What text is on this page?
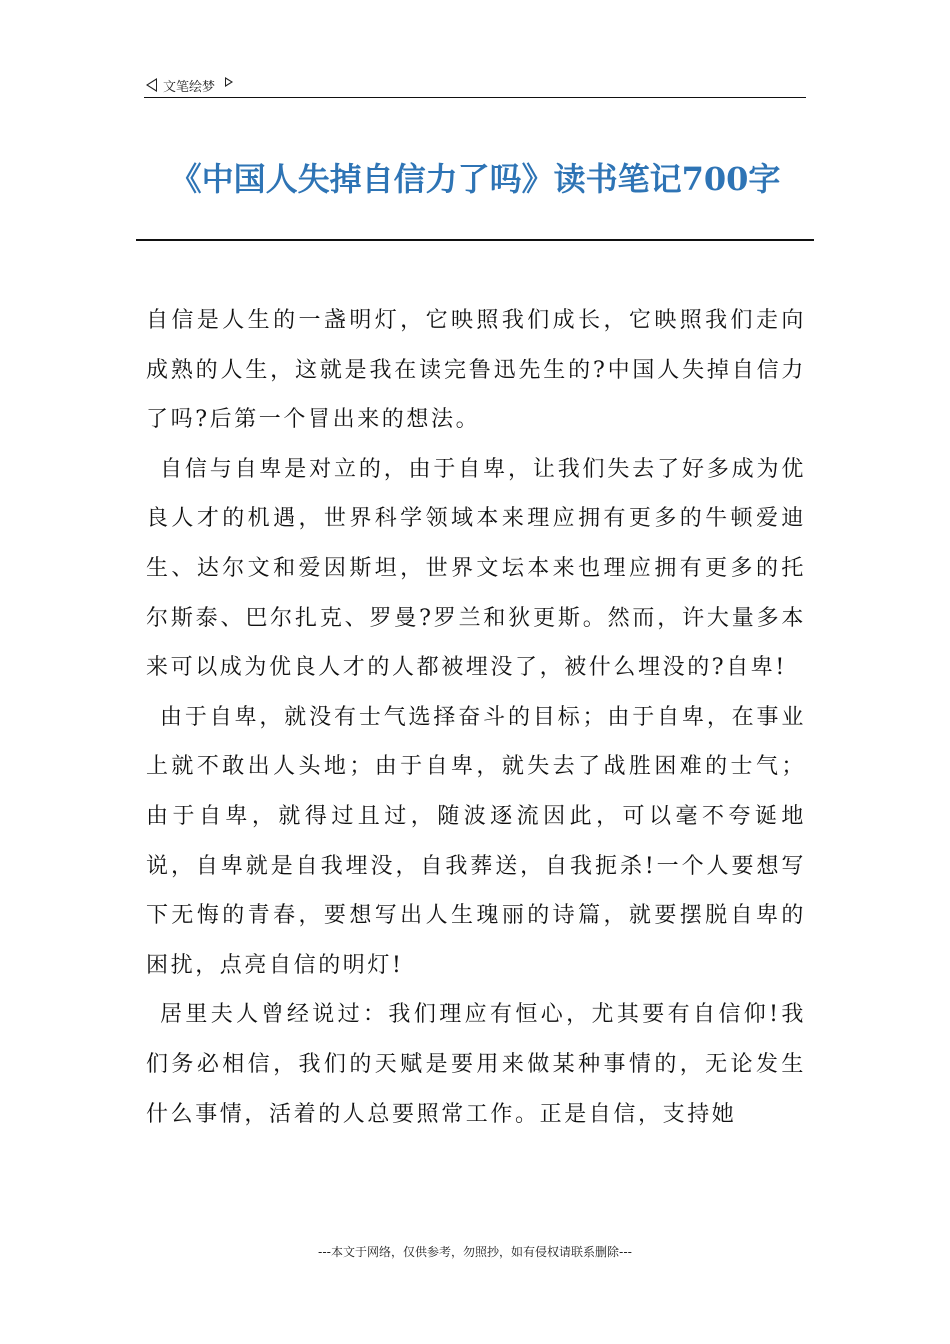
文笔绘梦
《中国人失掉自信力了吗》读书笔记700字

自信是人生的一盏明灯，它映照我们成长，它映照我们走向成熟的人生，这就是我在读完鲁迅先生的?中国人失掉自信力了吗?后第一个冒出来的想法。

自信与自卑是对立的，由于自卑，让我们失去了好多成为优良人才的机遇，世界科学领域本来理应拥有更多的牛顿爱迪生、达尔文和爱因斯坦，世界文坛本来也理应拥有更多的托尔斯泰、巴尔扎克、罗曼?罗兰和狄更斯。然而，许大量多本来可以成为优良人才的人都被埋没了，被什么埋没的?自卑!

由于自卑，就没有士气选择奋斗的目标；由于自卑，在事业上就不敢出人头地；由于自卑，就失去了战胜困难的士气；由于自卑，就得过且过，随波逐流因此，可以毫不夸诞地说，自卑就是自我埋没，自我葬送，自我扼杀!一个人要想写下无悔的青春，要想写出人生瑰丽的诗篇，就要摆脱自卑的困扰，点亮自信的明灯!

居里夫人曾经说过：我们理应有恒心，尤其要有自信仰!我们务必相信，我们的天赋是要用来做某种事情的，无论发生什么事情，活着的人总要照常工作。正是自信，支持她

---本文于网络，仅供参考，勿照抄，如有侵权请联系删除---
